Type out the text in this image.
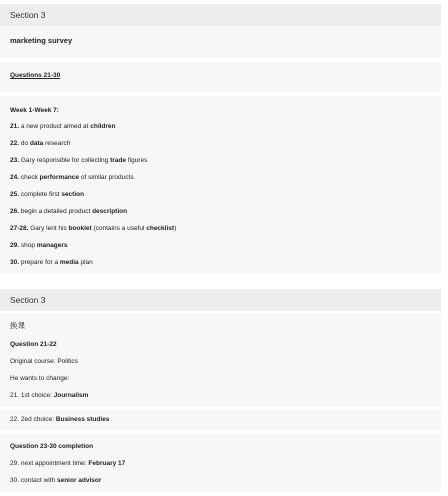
Section 3
marketing survey
Questions 21-30
Week 1-Week 7:
21. a new product aimed at children
22. do data research
23. Gary responsible for collecting trade figures
24. check performance of similar products
25. complete first section
26. begin a detailed product description
27-28. Gary lent his booklet (contains a useful checklist)
29. shop managers
30. prepare for a media plan
Section 3
换课
Question 21-22
Original course: Politics
He wants to change:
21. 1st choice: Journalism
22. 2ed choice: Business studies
Question 23-30 completion
29. next appointment time: February 17
30. contact with senior advisor
